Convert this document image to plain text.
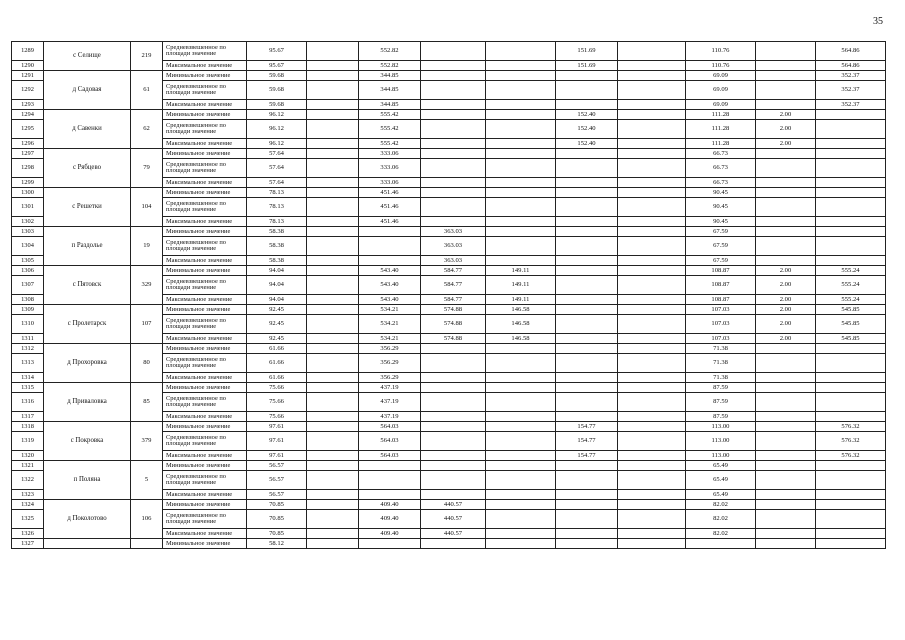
35
1289	с Селище	219	Средневзвешенное по площади значение	95.67		552.82			151.69		110.76		564.86
1290			Максимальное значение	95.67		552.82			151.69		110.76		564.86
1291	д Садовая	61	Минимальное значение	59.68		344.85					69.09		352.37
1292			Средневзвешенное по площади значение	59.68		344.85					69.09		352.37
1293			Максимальное значение	59.68		344.85					69.09		352.37
1294	д Савенки	62	Минимальное значение	96.12		555.42			152.40		111.28	2.00	
1295			Средневзвешенное по площади значение	96.12		555.42			152.40		111.28	2.00	
1296			Максимальное значение	96.12		555.42			152.40		111.28	2.00	
1297	с Рябцево	79	Минимальное значение	57.64		333.06					66.73		
1298			Средневзвешенное по площади значение	57.64		333.06					66.73		
1299			Максимальное значение	57.64		333.06					66.73		
1300	с Решетки	104	Минимальное значение	78.13		451.46					90.45		
1301			Средневзвешенное по площади значение	78.13		451.46					90.45		
1302			Максимальное значение	78.13		451.46					90.45		
1303	п Раздолье	19	Минимальное значение	58.38			363.03				67.59		
1304			Средневзвешенное по площади значение	58.38			363.03				67.59		
1305			Максимальное значение	58.38			363.03				67.59		
1306	с Пятовск	329	Минимальное значение	94.04		543.40	584.77	149.11			108.87	2.00	555.24
1307			Средневзвешенное по площади значение	94.04		543.40	584.77	149.11			108.87	2.00	555.24
1308			Максимальное значение	94.04		543.40	584.77	149.11			108.87	2.00	555.24
1309	с Пролетарск	107	Минимальное значение	92.45		534.21	574.88	146.58			107.03	2.00	545.85
1310			Средневзвешенное по площади значение	92.45		534.21	574.88	146.58			107.03	2.00	545.85
1311			Максимальное значение	92.45		534.21	574.88	146.58			107.03	2.00	545.85
1312	д Прохоровка	80	Минимальное значение	61.66		356.29					71.38		
1313			Средневзвешенное по площади значение	61.66		356.29					71.38		
1314			Максимальное значение	61.66		356.29					71.38		
1315	д Приваловка	85	Минимальное значение	75.66		437.19					87.59		
1316			Средневзвешенное по площади значение	75.66		437.19					87.59		
1317			Максимальное значение	75.66		437.19					87.59		
1318	с Покровка	379	Минимальное значение	97.61		564.03			154.77		113.00		576.32
1319			Средневзвешенное по площади значение	97.61		564.03			154.77		113.00		576.32
1320			Максимальное значение	97.61		564.03			154.77		113.00		576.32
1321	п Поляна	5	Минимальное значение	56.57							65.49		
1322			Средневзвешенное по площади значение	56.57							65.49		
1323			Максимальное значение	56.57							65.49		
1324	д Поколотово	106	Минимальное значение	70.85		409.40	440.57				82.02		
1325			Средневзвешенное по площади значение	70.85		409.40	440.57				82.02		
1326			Максимальное значение	70.85		409.40	440.57				82.02		
1327			Минимальное значение	58.12									
